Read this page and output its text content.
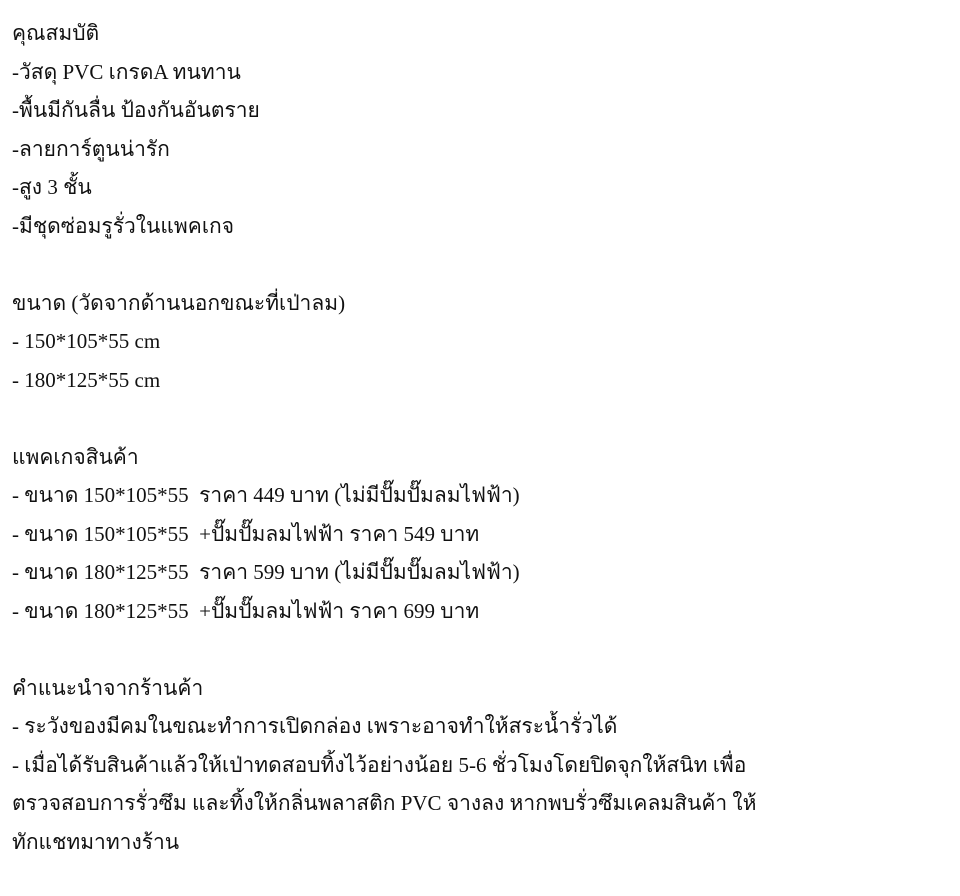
คุณสมบัติ
-วัสดุ PVC เกรดA ทนทาน
-พื้นมีกันลื่น ป้องกันอันตราย
-ลายการ์ตูนน่ารัก
-สูง 3 ชั้น
-มีชุดซ่อมรูรั่วในแพคเกจ
ขนาด (วัดจากด้านนอกขณะที่เป่าลม)
- 150*105*55 cm
- 180*125*55 cm
แพคเกจสินค้า
- ขนาด 150*105*55  ราคา 449 บาท (ไม่มีปั๊มปั๊มลมไฟฟ้า)
- ขนาด 150*105*55  +ปั๊มปั๊มลมไฟฟ้า ราคา 549 บาท
- ขนาด 180*125*55  ราคา 599 บาท (ไม่มีปั๊มปั๊มลมไฟฟ้า)
- ขนาด 180*125*55  +ปั๊มปั๊มลมไฟฟ้า ราคา 699 บาท
คำแนะนำจากร้านค้า
- ระวังของมีคมในขณะทำการเปิดกล่อง เพราะอาจทำให้สระน้ำรั่วได้
- เมื่อได้รับสินค้าแล้วให้เป่าทดสอบทิ้งไว้อย่างน้อย 5-6 ชั่วโมงโดยปิดจุกให้สนิท เพื่อ
ตรวจสอบการรั่วซึม และทิ้งให้กลิ่นพลาสติก PVC จางลง หากพบรั่วซึมเคลมสินค้า ให้
ทักแชทมาทางร้าน
